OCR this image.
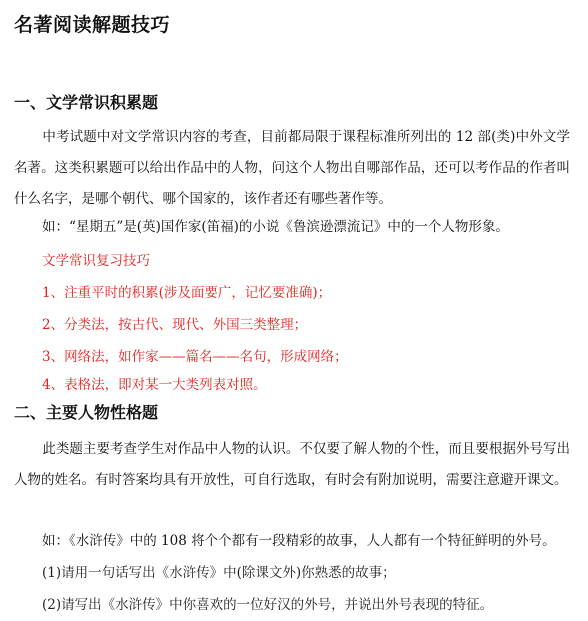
名著阅读解题技巧
一、文学常识积累题

中考试题中对文学常识内容的考查，目前都局限于课程标准所列出的 12 部(类)中外文学名著。这类积累题可以给出作品中的人物，问这个人物出自哪部作品，还可以考作品的作者叫什么名字，是哪个朝代、哪个国家的，该作者还有哪些著作等。

如：“星期五”是(英)国作家(笛福)的小说《鲁滨逊漂流记》中的一个人物形象。

文学常识复习技巧

1、注重平时的积累(涉及面要广，记忆要准确)；

2、分类法，按古代、现代、外国三类整理；

3、网络法，如作家——篇名——名句，形成网络；

4、表格法，即对某一大类列表对照。

二、主要人物性格题

此类题主要考查学生对作品中人物的认识。不仅要了解人物的个性，而且要根据外号写出人物的姓名。有时答案均具有开放性，可自行选取，有时会有附加说明，需要注意避开课文。

如：《水浒传》中的 108 将个个都有一段精彩的故事，人人都有一个特征鲜明的外号。

(1)请用一句话写出《水浒传》中(除课文外)你熟悉的故事；

(2)请写出《水浒传》中你喜欢的一位好汉的外号，并说出外号表现的特征。
